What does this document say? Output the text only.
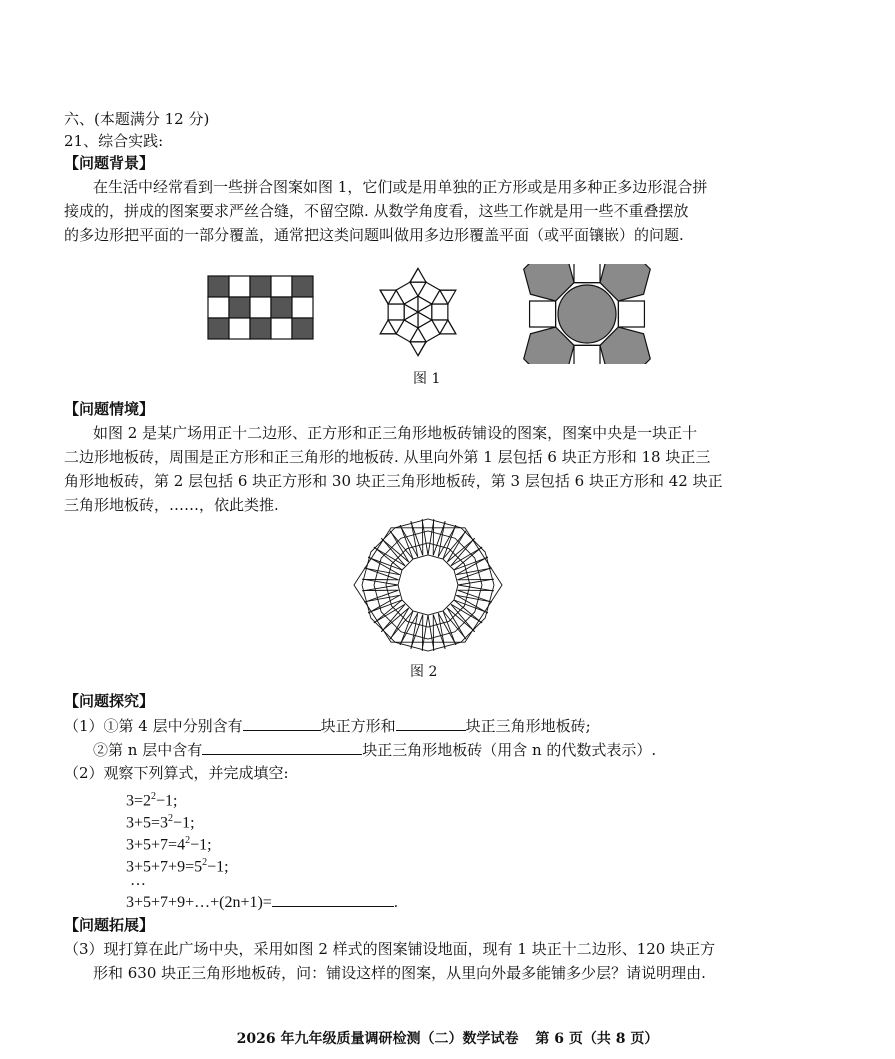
六、(本题满分 12 分)
21、综合实践:
【问题背景】
在生活中经常看到一些拼合图案如图 1，它们或是用单独的正方形或是用多种正多边形混合拼
接成的，拼成的图案要求严丝合缝，不留空隙. 从数学角度看，这些工作就是用一些不重叠摆放
的多边形把平面的一部分覆盖，通常把这类问题叫做用多边形覆盖平面（或平面镶嵌）的问题.
图 1
【问题情境】
如图 2 是某广场用正十二边形、正方形和正三角形地板砖铺设的图案，图案中央是一块正十
二边形地板砖，周围是正方形和正三角形的地板砖. 从里向外第 1 层包括 6 块正方形和 18 块正三
角形地板砖，第 2 层包括 6 块正方形和 30 块正三角形地板砖，第 3 层包括 6 块正方形和 42 块正
三角形地板砖，……，依此类推.
图 2
【问题探究】
（1）①第 4 层中分别含有	块正方形和	块正三角形地板砖;
②第 n 层中含有	块正三角形地板砖（用含 n 的代数式表示）.
（2）观察下列算式，并完成填空:
$3=2^2-1$;
$3+5=3^2-1$;
$3+5+7=4^2-1$;
$3+5+7+9=5^2-1$;
…
3+5+7+9+…+(2n+1)=	.
【问题拓展】
（3）现打算在此广场中央，采用如图 2 样式的图案铺设地面，现有 1 块正十二边形、120 块正方
形和 630 块正三角形地板砖，问：铺设这样的图案，从里向外最多能铺多少层？请说明理由.
2026 年九年级质量调研检测（二）数学试卷 第 6 页（共 8 页）
